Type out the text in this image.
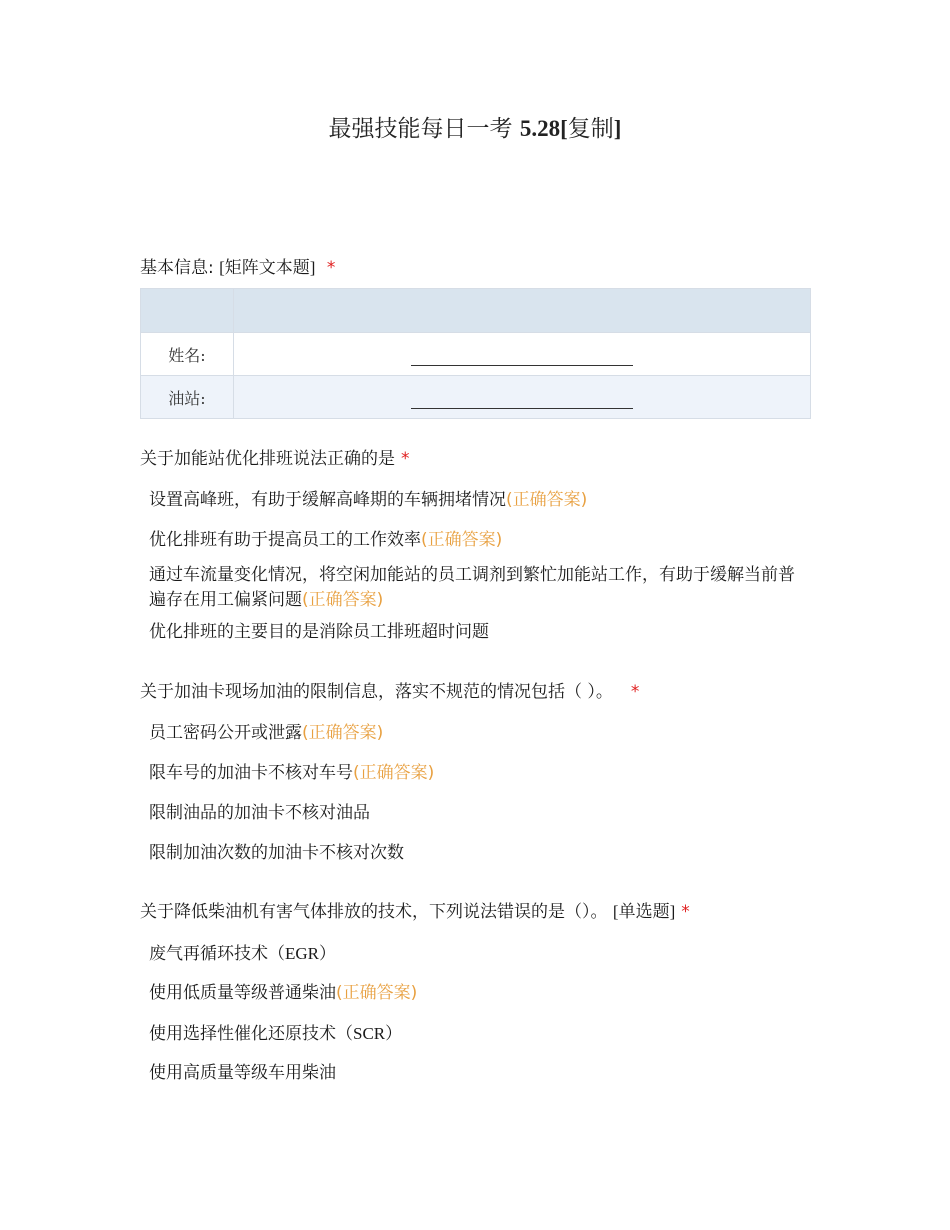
最强技能每日一考 5.28[复制]
基本信息: [矩阵文本题] *

姓名:	
油站:	
关于加能站优化排班说法正确的是 *
设置高峰班，有助于缓解高峰期的车辆拥堵情况(正确答案)
优化排班有助于提高员工的工作效率(正确答案)
通过车流量变化情况，将空闲加能站的员工调剂到繁忙加能站工作，有助于缓解当前普遍存在用工偏紧问题(正确答案)
优化排班的主要目的是消除员工排班超时问题
关于加油卡现场加油的限制信息，落实不规范的情况包括（ ）。 *
员工密码公开或泄露(正确答案)
限车号的加油卡不核对车号(正确答案)
限制油品的加油卡不核对油品
限制加油次数的加油卡不核对次数
关于降低柴油机有害气体排放的技术，下列说法错误的是（）。 [单选题] *
废气再循环技术（EGR）
使用低质量等级普通柴油(正确答案)
使用选择性催化还原技术（SCR）
使用高质量等级车用柴油
